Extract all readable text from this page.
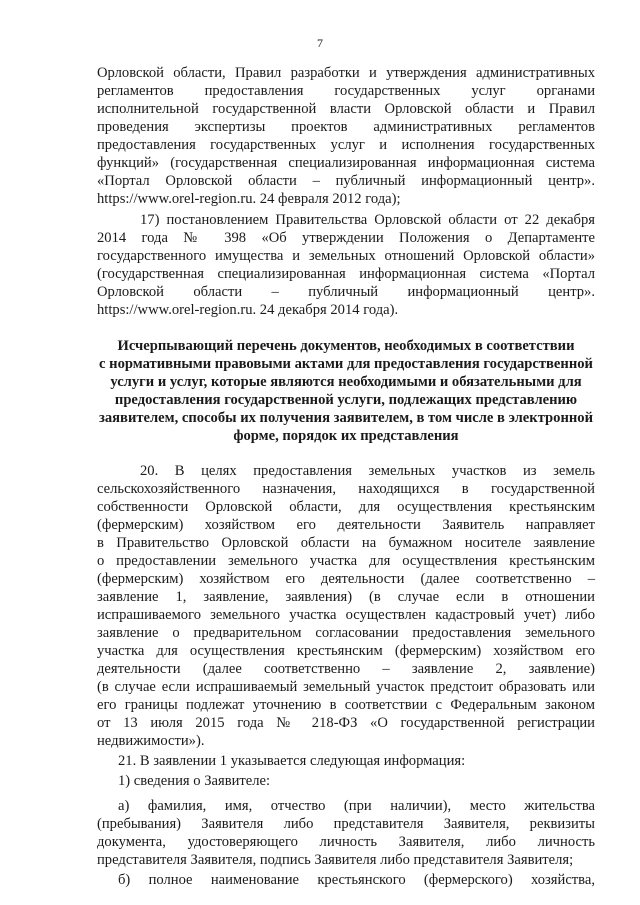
7
Орловской области, Правил разработки и утверждения административных
регламентов предоставления государственных услуг органами
исполнительной государственной власти Орловской области и Правил
проведения экспертизы проектов административных регламентов
предоставления государственных услуг и исполнения государственных
функций» (государственная специализированная информационная система
«Портал Орловской области – публичный информационный центр».
https://www.orel-region.ru. 24 февраля 2012 года);
17) постановлением Правительства Орловской области от 22 декабря
2014 года № 398 «Об утверждении Положения о Департаменте
государственного имущества и земельных отношений Орловской области»
(государственная специализированная информационная система «Портал
Орловской области – публичный информационный центр».
https://www.orel-region.ru. 24 декабря 2014 года).
Исчерпывающий перечень документов, необходимых в соответствии
с нормативными правовыми актами для предоставления государственной
услуги и услуг, которые являются необходимыми и обязательными для
предоставления государственной услуги, подлежащих представлению
заявителем, способы их получения заявителем, в том числе в электронной
форме, порядок их представления
20. В целях предоставления земельных участков из земель
сельскохозяйственного назначения, находящихся в государственной
собственности Орловской области, для осуществления крестьянским
(фермерским) хозяйством его деятельности Заявитель направляет
в Правительство Орловской области на бумажном носителе заявление
о предоставлении земельного участка для осуществления крестьянским
(фермерским) хозяйством его деятельности (далее соответственно –
заявление 1, заявление, заявления) (в случае если в отношении
испрашиваемого земельного участка осуществлен кадастровый учет) либо
заявление о предварительном согласовании предоставления земельного
участка для осуществления крестьянским (фермерским) хозяйством его
деятельности (далее соответственно – заявление 2, заявление)
(в случае если испрашиваемый земельный участок предстоит образовать или
его границы подлежат уточнению в соответствии с Федеральным законом
от 13 июля 2015 года № 218-ФЗ «О государственной регистрации
недвижимости»).
21. В заявлении 1 указывается следующая информация:
1) сведения о Заявителе:
а) фамилия, имя, отчество (при наличии), место жительства
(пребывания) Заявителя либо представителя Заявителя, реквизиты
документа, удостоверяющего личность Заявителя, либо личность
представителя Заявителя, подпись Заявителя либо представителя Заявителя;
б) полное наименование крестьянского (фермерского) хозяйства,
